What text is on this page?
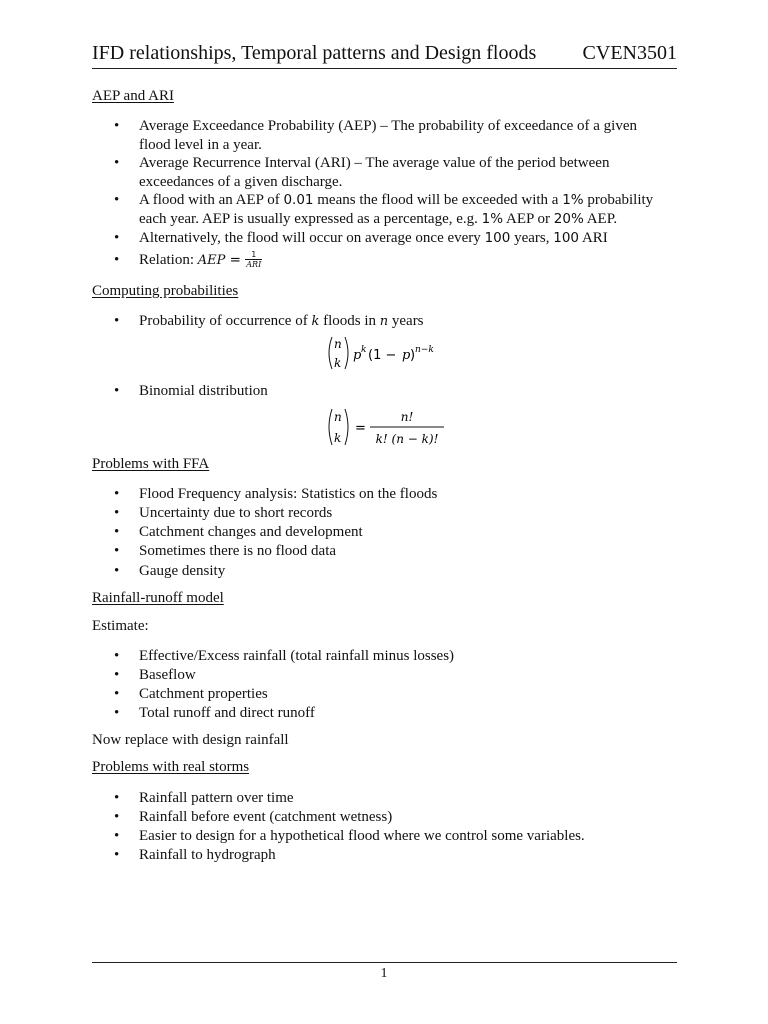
IFD relationships, Temporal patterns and Design floods CVEN3501
AEP and ARI
• Average Exceedance Probability (AEP) – The probability of exceedance of a given
flood level in a year.
• Average Recurrence Interval (ARI) – The average value of the period between
exceedances of a given discharge.
• A flood with an AEP of 0.01 means the flood will be exceeded with a 1% probability
each year. AEP is usually expressed as a percentage, e.g. 1% AEP or 20% AEP.
• Alternatively, the flood will occur on average once every 100 years, 100 ARI
• Relation: AEP = $\frac{1}{\text{ARI}}$
Computing probabilities
• Probability of occurrence of k floods in n years
n
k p k (1 − p ) n−k
• Binomial distribution
n
k
=
n!
k! (n − k)!
Problems with FFA
• Flood Frequency analysis: Statistics on the floods
• Uncertainty due to short records
• Catchment changes and development
• Sometimes there is no flood data
• Gauge density
Rainfall-runoff model
Estimate:
• Effective/Excess rainfall (total rainfall minus losses)
• Baseflow
• Catchment properties
• Total runoff and direct runoff
Now replace with design rainfall
Problems with real storms
• Rainfall pattern over time
• Rainfall before event (catchment wetness)
• Easier to design for a hypothetical flood where we control some variables.
• Rainfall to hydrograph
1
